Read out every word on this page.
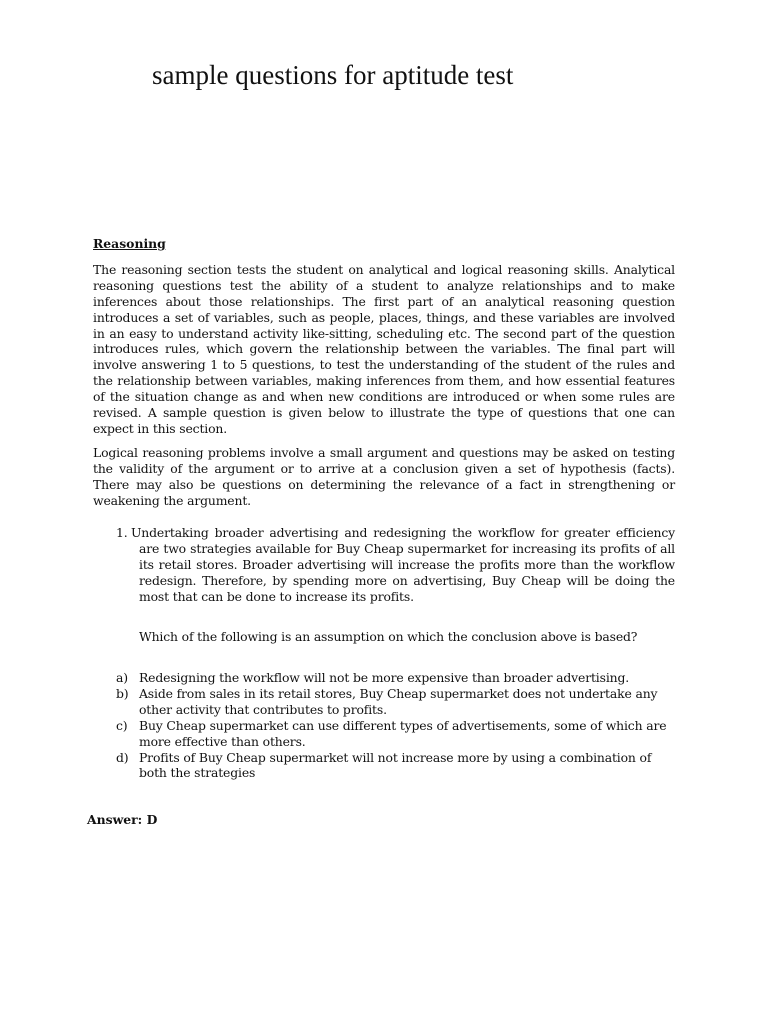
sample questions for aptitude test
Reasoning

The reasoning section tests the student on analytical and logical reasoning skills. Analytical reasoning questions test the ability of a student to analyze relationships and to make inferences about those relationships. The first part of an analytical reasoning question introduces a set of variables, such as people, places, things, and these variables are involved in an easy to understand activity like-sitting, scheduling etc. The second part of the question introduces rules, which govern the relationship between the variables. The final part will involve answering 1 to 5 questions, to test the understanding of the student of the rules and the relationship between variables, making inferences from them, and how essential features of the situation change as and when new conditions are introduced or when some rules are revised. A sample question is given below to illustrate the type of questions that one can expect in this section.

Logical reasoning problems involve a small argument and questions may be asked on testing the validity of the argument or to arrive at a conclusion given a set of hypothesis (facts). There may also be questions on determining the relevance of a fact in strengthening or weakening the argument.

1. Undertaking broader advertising and redesigning the workflow for greater efficiency are two strategies available for Buy Cheap supermarket for increasing its profits of all its retail stores. Broader advertising will increase the profits more than the workflow redesign. Therefore, by spending more on advertising, Buy Cheap will be doing the most that can be done to increase its profits.

Which of the following is an assumption on which the conclusion above is based?

a) Redesigning the workflow will not be more expensive than broader advertising.
b) Aside from sales in its retail stores, Buy Cheap supermarket does not undertake any other activity that contributes to profits.
c) Buy Cheap supermarket can use different types of advertisements, some of which are more effective than others.
d) Profits of Buy Cheap supermarket will not increase more by using a combination of both the strategies

Answer: D
